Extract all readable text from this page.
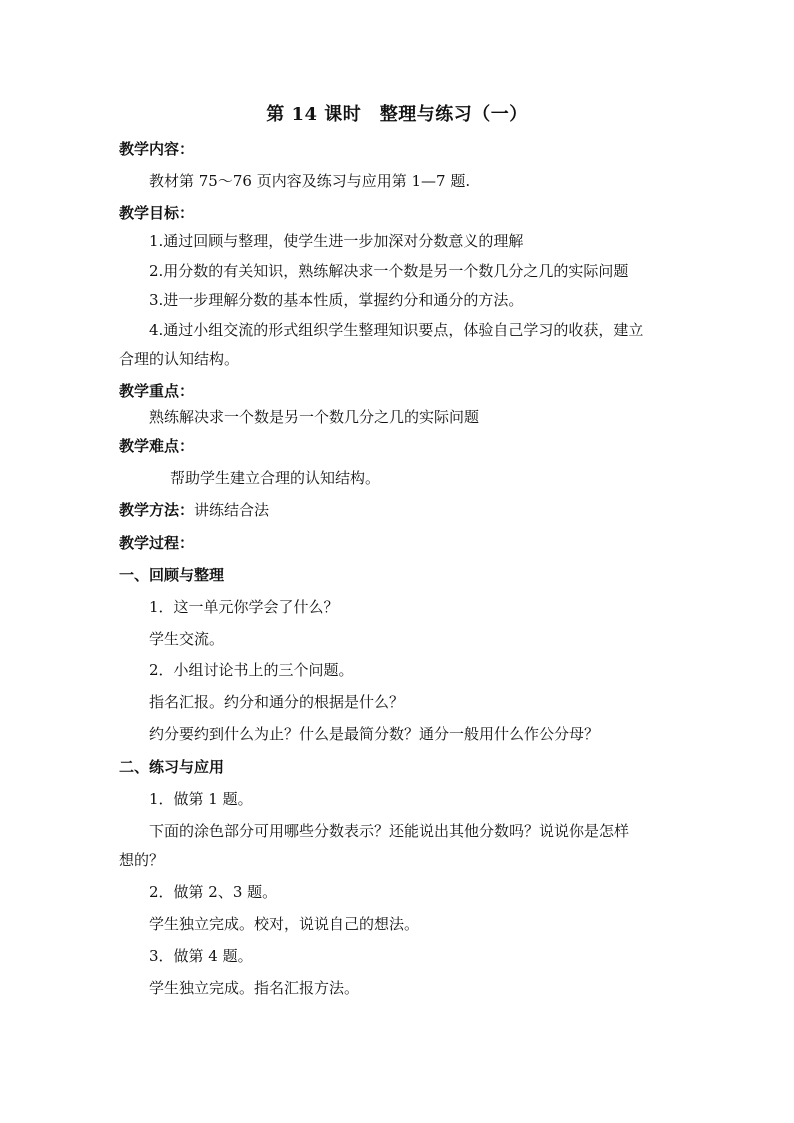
第 14 课时　整理与练习（一）
教学内容：
教材第 75～76 页内容及练习与应用第 1—7 题.
教学目标：
1.通过回顾与整理，使学生进一步加深对分数意义的理解
2.用分数的有关知识，熟练解决求一个数是另一个数几分之几的实际问题
3.进一步理解分数的基本性质，掌握约分和通分的方法。
4.通过小组交流的形式组织学生整理知识要点，体验自己学习的收获，建立
合理的认知结构。
教学重点：
熟练解决求一个数是另一个数几分之几的实际问题
教学难点：
帮助学生建立合理的认知结构。
教学方法：讲练结合法
教学过程：
一、回顾与整理
1．这一单元你学会了什么？
学生交流。
2．小组讨论书上的三个问题。
指名汇报。约分和通分的根据是什么？
约分要约到什么为止？什么是最简分数？通分一般用什么作公分母？
二、练习与应用
1．做第 1 题。
下面的涂色部分可用哪些分数表示？还能说出其他分数吗？说说你是怎样
想的？
2．做第 2、3 题。
学生独立完成。校对，说说自己的想法。
3．做第 4 题。
学生独立完成。指名汇报方法。
